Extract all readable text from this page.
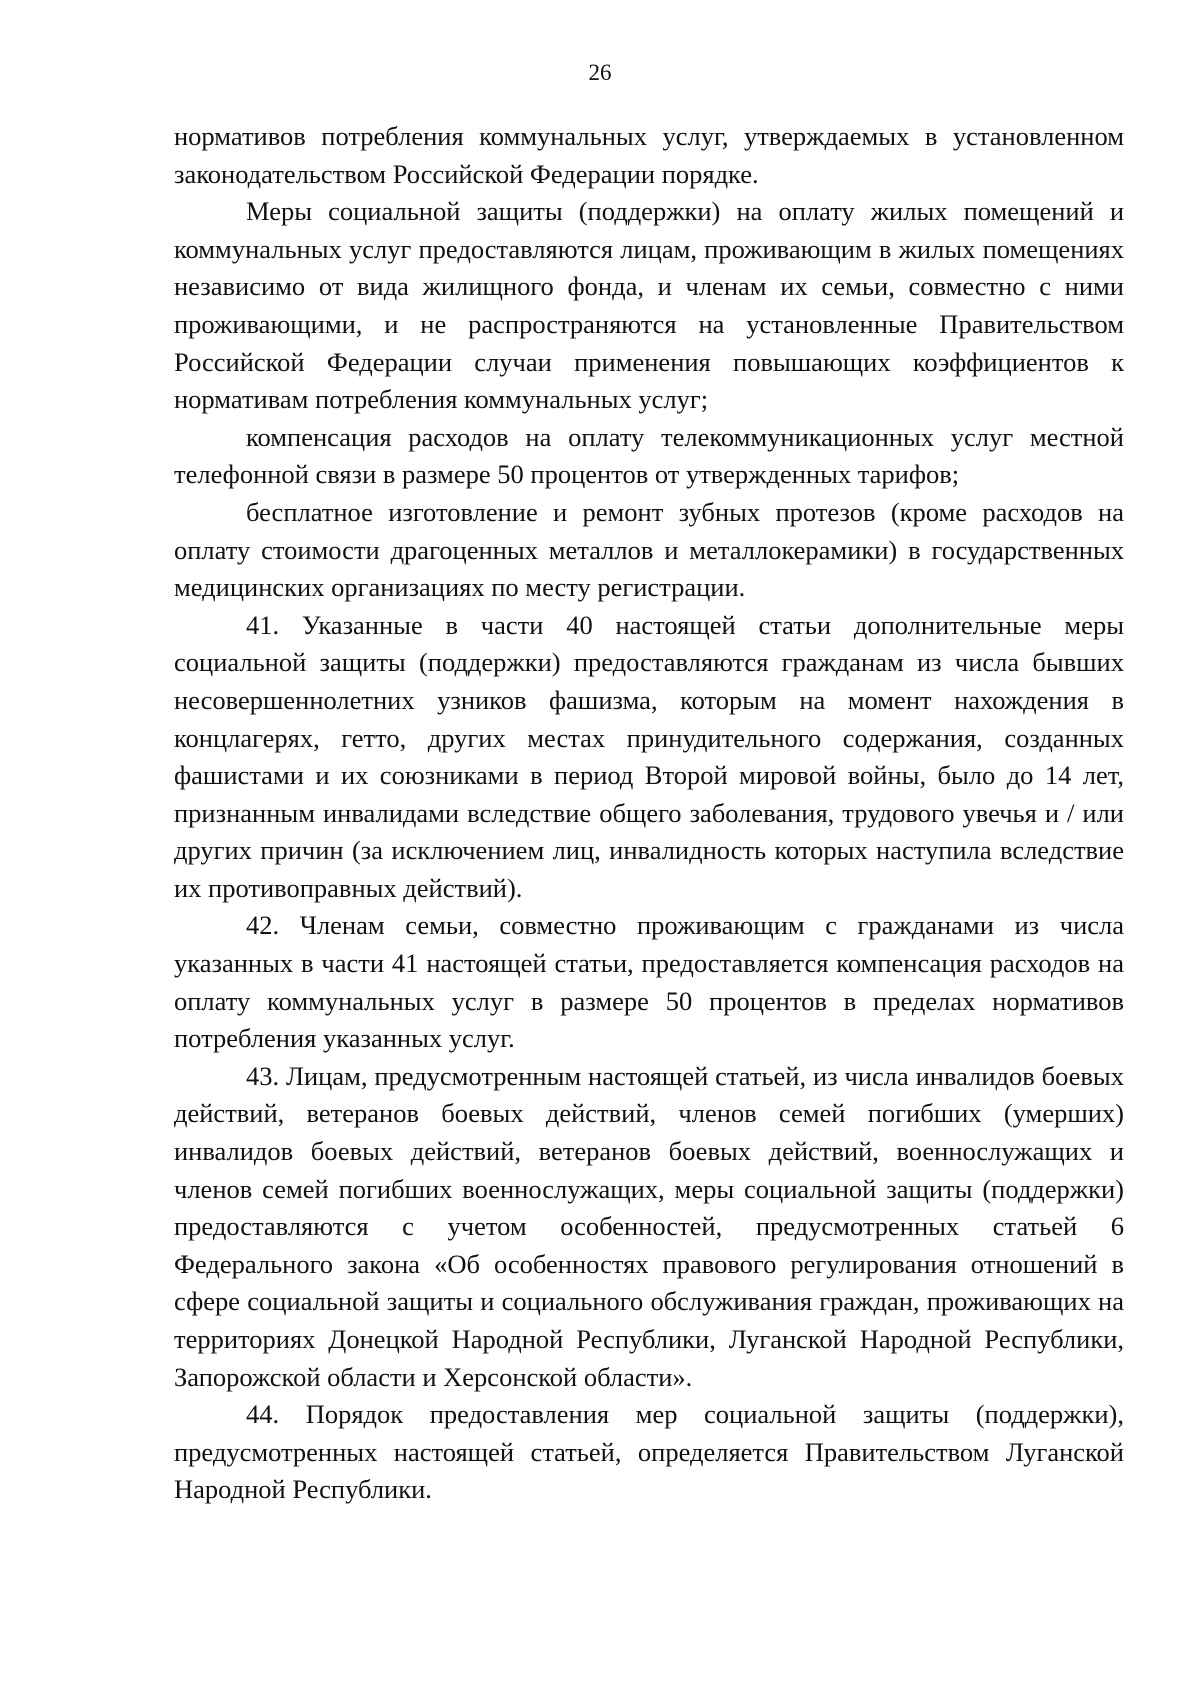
26

нормативов потребления коммунальных услуг, утверждаемых в установленном законодательством Российской Федерации порядке.

Меры социальной защиты (поддержки) на оплату жилых помещений и коммунальных услуг предоставляются лицам, проживающим в жилых помещениях независимо от вида жилищного фонда, и членам их семьи, совместно с ними проживающими, и не распространяются на установленные Правительством Российской Федерации случаи применения повышающих коэффициентов к нормативам потребления коммунальных услуг;

компенсация расходов на оплату телекоммуникационных услуг местной телефонной связи в размере 50 процентов от утвержденных тарифов;

бесплатное изготовление и ремонт зубных протезов (кроме расходов на оплату стоимости драгоценных металлов и металлокерамики) в государственных медицинских организациях по месту регистрации.

41. Указанные в части 40 настоящей статьи дополнительные меры социальной защиты (поддержки) предоставляются гражданам из числа бывших несовершеннолетних узников фашизма, которым на момент нахождения в концлагерях, гетто, других местах принудительного содержания, созданных фашистами и их союзниками в период Второй мировой войны, было до 14 лет, признанным инвалидами вследствие общего заболевания, трудового увечья и / или других причин (за исключением лиц, инвалидность которых наступила вследствие их противоправных действий).

42. Членам семьи, совместно проживающим с гражданами из числа указанных в части 41 настоящей статьи, предоставляется компенсация расходов на оплату коммунальных услуг в размере 50 процентов в пределах нормативов потребления указанных услуг.

43. Лицам, предусмотренным настоящей статьей, из числа инвалидов боевых действий, ветеранов боевых действий, членов семей погибших (умерших) инвалидов боевых действий, ветеранов боевых действий, военнослужащих и членов семей погибших военнослужащих, меры социальной защиты (поддержки) предоставляются с учетом особенностей, предусмотренных статьей 6 Федерального закона «Об особенностях правового регулирования отношений в сфере социальной защиты и социального обслуживания граждан, проживающих на территориях Донецкой Народной Республики, Луганской Народной Республики, Запорожской области и Херсонской области».

44. Порядок предоставления мер социальной защиты (поддержки), предусмотренных настоящей статьей, определяется Правительством Луганской Народной Республики.
